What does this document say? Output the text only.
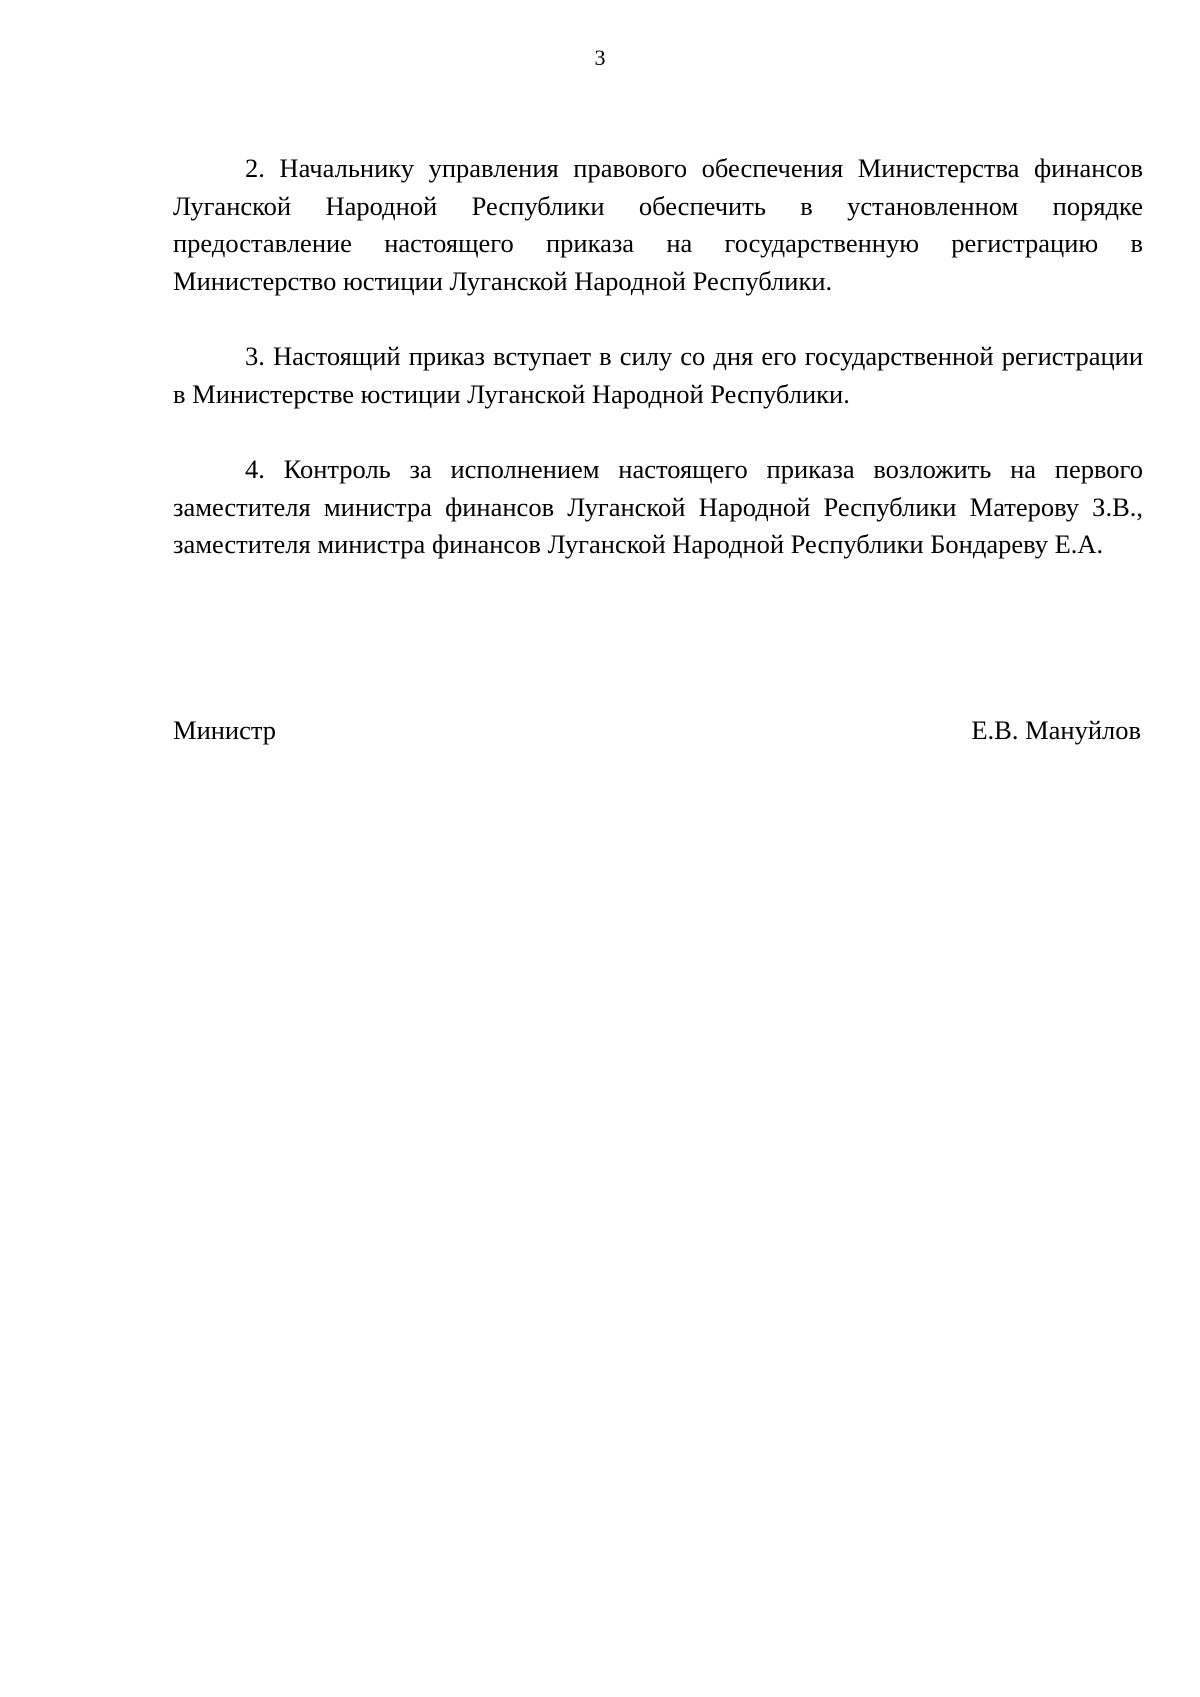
3

2. Начальнику управления правового обеспечения Министерства финансов Луганской Народной Республики обеспечить в установленном порядке предоставление настоящего приказа на государственную регистрацию в Министерство юстиции Луганской Народной Республики.

3. Настоящий приказ вступает в силу со дня его государственной регистрации в Министерстве юстиции Луганской Народной Республики.

4. Контроль за исполнением настоящего приказа возложить на первого заместителя министра финансов Луганской Народной Республики Матерову З.В., заместителя министра финансов Луганской Народной Республики Бондареву Е.А.

Министр	Е.В. Мануйлов
